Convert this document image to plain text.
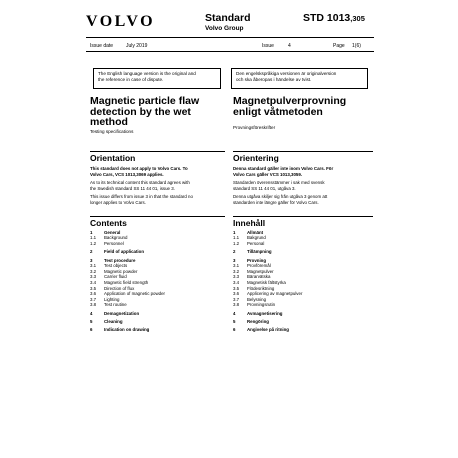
VOLVO	Standard
Volvo Group
STD 1013,305
Issue date	July 2019	Issue	4	Page 1(6)
The English language version is the original and
the reference in case of dispute.
Den engelskspråkiga versionen är originalversion
och ska åberopas i händelse av tvist.
Magnetic particle flaw
detection by the wet
method
Testing specifications
Orientation
This standard does not apply to Volvo Cars. To
Volvo Cars, VCS 1013,3069 applies.
As to its technical content this standard agrees with
the Swedish standard SS 11 44 01, issue 3.
This issue differs from issue 3 in that the standard no
longer applies to Volvo Cars.
Contents
1	General
1.1	Background
1.2	Personnel
2	Field of application
3	Test procedure
3.1	Test objects
3.2	Magnetic powder
3.3	Carrier fluid
3.4	Magnetic field strength
3.5	Direction of flux
3.6	Application of magnetic powder
3.7	Lighting
3.8	Test routine
4	Demagnetization
5	Cleaning
6	Indication on drawing
Magnetpulverprovning
enligt våtmetoden
Provningsföreskrifter
Orientering
Denna standard gäller inte inom Volvo Cars. För
Volvo Cars gäller VCS 1013,3059.
Standarden överensstämmer i sak med svensk
standard SS 11 44 01, utgåva 3.
Denna utgåva skiljer sig från utgåva 3 genom att
standarden inte längre gäller för Volvo Cars.
Innehåll
1	Allmänt
1.1	Bakgrund
1.2	Personal
2	Tillämpning
3	Provning
3.1	Provföremål
3.2	Magnetpulver
3.3	Bärarvätska
3.4	Magnetisk fältstyrka
3.5	Flödesriktning
3.6	Applicering av magnetpulver
3.7	Belysning
3.8	Provningsrutin
4	Avmagnetisering
5	Rengöring
6	Angivelse på ritning
